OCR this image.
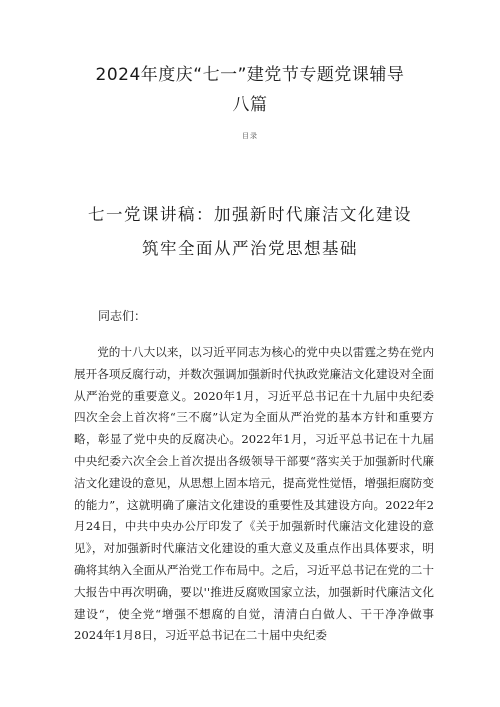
2024年度庆“七一”建党节专题党课辅导
八篇
目录
七一党课讲稿：加强新时代廉洁文化建设
筑牢全面从严治党思想基础
同志们：

党的十八大以来，以习近平同志为核心的党中央以雷霆之势在党内展开各项反腐行动，并数次强调加强新时代执政党廉洁文化建设对全面从严治党的重要意义。2020年1月，习近平总书记在十九届中央纪委四次全会上首次将“三不腐”认定为全面从严治党的基本方针和重要方略，彰显了党中央的反腐决心。2022年1月，习近平总书记在十九届中央纪委六次全会上首次提出各级领导干部要“落实关于加强新时代廉洁文化建设的意见，从思想上固本培元，提高党性觉悟，增强拒腐防变的能力”，这就明确了廉洁文化建设的重要性及其建设方向。2022年2月24日，中共中央办公厅印发了《关于加强新时代廉洁文化建设的意见》，对加强新时代廉洁文化建设的重大意义及重点作出具体要求，明确将其纳入全面从严治党工作布局中。之后，习近平总书记在党的二十大报告中再次明确，要以''推进反腐败国家立法，加强新时代廉洁文化建设“，使全党“增强不想腐的自觉，清清白白做人、干干净净做事2024年1月8日，习近平总书记在二十届中央纪委
